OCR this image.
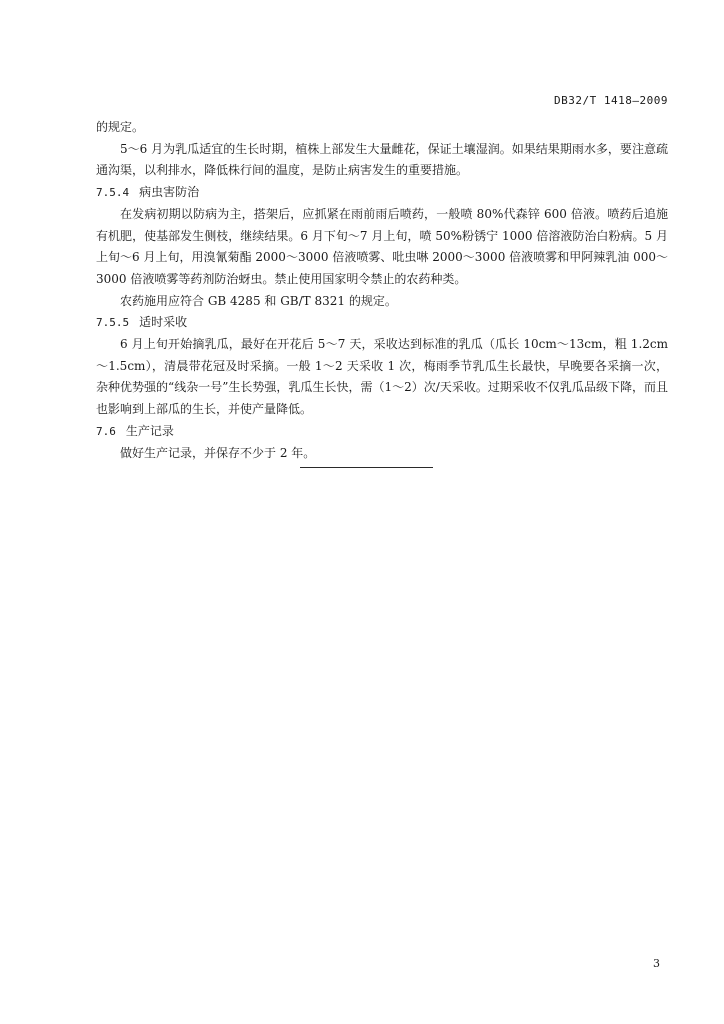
DB32/T 1418—2009

的规定。

5～6 月为乳瓜适宜的生长时期，植株上部发生大量雌花，保证土壤湿润。如果结果期雨水多，要注意疏通沟渠，以利排水，降低株行间的温度，是防止病害发生的重要措施。

7.5.4 病虫害防治

在发病初期以防病为主，搭架后，应抓紧在雨前雨后喷药，一般喷 80%代森锌 600 倍液。喷药后追施有机肥，使基部发生侧枝，继续结果。6 月下旬～7 月上旬，喷 50%粉锈宁 1000 倍溶液防治白粉病。5 月上旬～6 月上旬，用溴氰菊酯 2000～3000 倍液喷雾、吡虫啉 2000～3000 倍液喷雾和甲阿辣乳油 000～3000 倍液喷雾等药剂防治蚜虫。禁止使用国家明令禁止的农药种类。

农药施用应符合 GB 4285 和 GB/T 8321 的规定。

7.5.5 适时采收

6 月上旬开始摘乳瓜，最好在开花后 5～7 天，采收达到标准的乳瓜（瓜长 10cm～13cm，粗 1.2cm～1.5cm），清晨带花冠及时采摘。一般 1～2 天采收 1 次，梅雨季节乳瓜生长最快，早晚要各采摘一次，杂种优势强的“线杂一号”生长势强，乳瓜生长快，需（1～2）次/天采收。过期采收不仅乳瓜品级下降，而且也影响到上部瓜的生长，并使产量降低。

7.6 生产记录

做好生产记录，并保存不少于 2 年。

3
